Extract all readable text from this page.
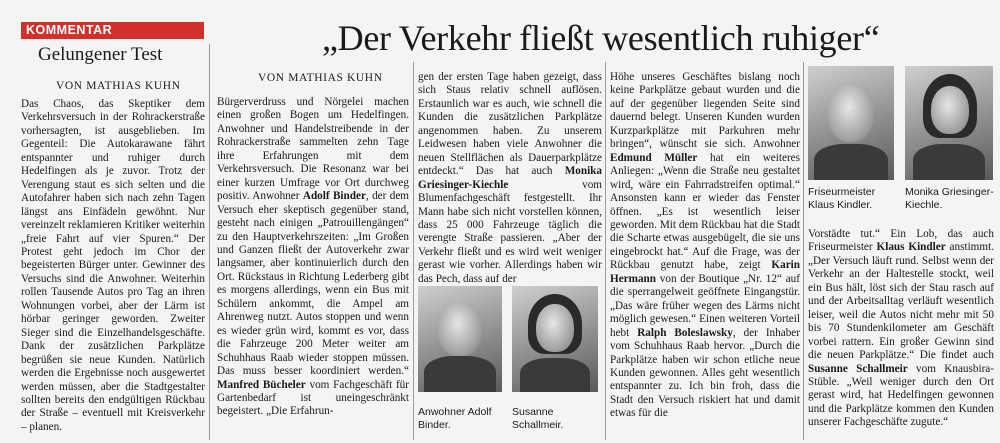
KOMMENTAR
Gelungener Test
VON MATHIAS KUHN
„Der Verkehr fließt wesentlich ruhiger“
VON MATHIAS KUHN

Das Chaos, das Skeptiker dem Verkehrsversuch in der Rohrackerstraße vorhersagten, ist ausgeblieben. Im Gegenteil: Die Autokarawane fährt entspannter und ruhiger durch Hedelfingen als je zuvor. Trotz der Verengung staut es sich selten und die Autofahrer haben sich nach zehn Tagen längst ans Einfädeln gewöhnt. Nur vereinzelt reklamieren Kritiker weiterhin „freie Fahrt auf vier Spuren.“ Der Protest geht jedoch im Chor der begeisterten Bürger unter. Gewinner des Versuchs sind die Anwohner. Weiterhin rollen Tausende Autos pro Tag an ihren Wohnungen vorbei, aber der Lärm ist hörbar geringer geworden. Zweiter Sieger sind die Einzelhandelsgeschäfte. Dank der zusätzlichen Parkplätze begrüßen sie neue Kunden. Natürlich werden die Ergebnisse noch ausgewertet werden müssen, aber die Stadtgestalter sollten bereits den endgültigen Rückbau der Straße – eventuell mit Kreisverkehr – planen.

Bürgerverdruss und Nörgelei machen einen großen Bogen um Hedelfingen. Anwohner und Handelstreibende in der Rohrackerstraße sammelten zehn Tage ihre Erfahrungen mit dem Verkehrsversuch. Die Resonanz war bei einer kurzen Umfrage vor Ort durchweg positiv. Anwohner Adolf Binder, der dem Versuch eher skeptisch gegenüber stand, gesteht nach einigen „Patrouillengängen“ zu den Hauptverkehrszeiten: „Im Großen und Ganzen fließt der Autoverkehr zwar langsamer, aber kontinuierlich durch den Ort. Rückstaus in Richtung Lederberg gibt es morgens allerdings, wenn ein Bus mit Schülern ankommt, die Ampel am Ahrenweg nutzt. Autos stoppen und wenn es wieder grün wird, kommt es vor, dass die Fahrzeuge 200 Meter weiter am Schuhhaus Raab wieder stoppen müssen. Das muss besser koordiniert werden.“ Manfred Bücheler vom Fachgeschäft für Gartenbedarf ist uneingeschränkt begeistert. „Die Erfahrun-

gen der ersten Tage haben gezeigt, dass sich Staus relativ schnell auflösen. Erstaunlich war es auch, wie schnell die Kunden die zusätzlichen Parkplätze angenommen haben. Zu unserem Leidwesen haben viele Anwohner die neuen Stellflächen als Dauerparkplätze entdeckt.“ Das hat auch Monika Griesinger-Kiechle vom Blumenfachgeschäft festgestellt. Ihr Mann habe sich nicht vorstellen können, dass 25 000 Fahrzeuge täglich die verengte Straße passieren. „Aber der Verkehr fließt und es wird weit weniger gerast wie vorher. Allerdings haben wir das Pech, dass auf der

Höhe unseres Geschäftes bislang noch keine Parkplätze gebaut wurden und die auf der gegenüber liegenden Seite sind dauernd belegt. Unseren Kunden wurden Kurzparkplätze mit Parkuhren mehr bringen“, wünscht sie sich. Anwohner Edmund Müller hat ein weiteres Anliegen: „Wenn die Straße neu gestaltet wird, wäre ein Fahrradstreifen optimal.“ Ansonsten kann er wieder das Fenster öffnen. „Es ist wesentlich leiser geworden. Mit dem Rückbau hat die Stadt die Scharte etwas ausgebügelt, die sie uns eingebrockt hat.“ Auf die Frage, was der Rückbau genutzt habe, zeigt Karin Hermann von der Boutique „Nr. 12“ auf die sperrangelweit geöffnete Eingangstür. „Das wäre früher wegen des Lärms nicht möglich gewesen.“ Einen weiteren Vorteil hebt Ralph Boleslawsky, der Inhaber vom Schuhhaus Raab hervor. „Durch die Parkplätze haben wir schon etliche neue Kunden gewonnen. Alles geht wesentlich entspannter zu. Ich bin froh, dass die Stadt den Versuch riskiert hat und damit etwas für die

Vorstädte tut.“ Ein Lob, das auch Friseurmeister Klaus Kindler anstimmt. „Der Versuch läuft rund. Selbst wenn der Verkehr an der Haltestelle stockt, weil ein Bus hält, löst sich der Stau rasch auf und der Arbeitsalltag verläuft wesentlich leiser, weil die Autos nicht mehr mit 50 bis 70 Stundenkilometer am Geschäft vorbei rattern. Ein großer Gewinn sind die neuen Parkplätze.“ Die findet auch Susanne Schallmeir vom Knausbira-Stüble. „Weil weniger durch den Ort gerast wird, hat Hedelfingen gewonnen und die Parkplätze kommen den Kunden unserer Fachgeschäfte zugute.“

Anwohner Adolf Binder.
Susanne Schallmeir.
Friseurmeister Klaus Kindler.
Monika Griesinger-Kiechle.
